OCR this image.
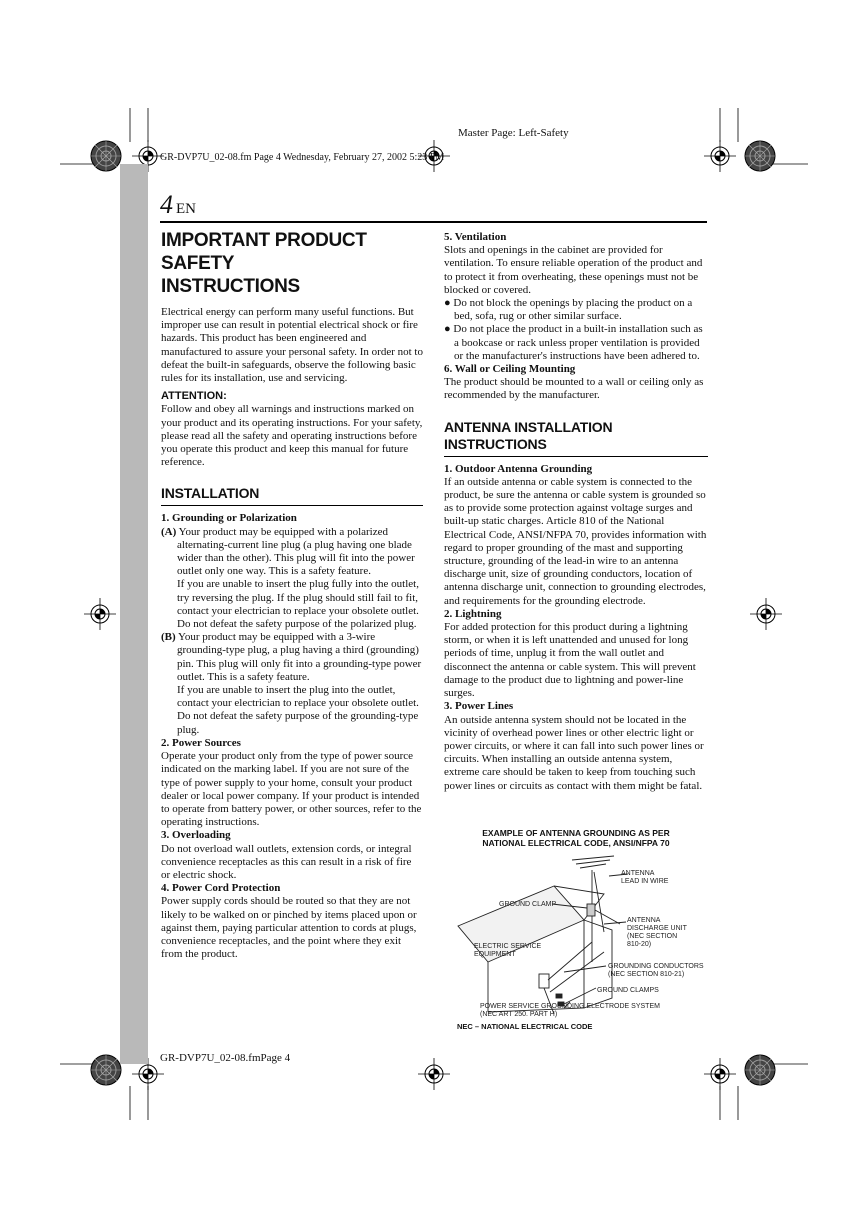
Master Page: Left-Safety
GR-DVP7U_02-08.fm Page 4 Wednesday, February 27, 2002 5:23 PM
4 EN
IMPORTANT PRODUCT SAFETY
INSTRUCTIONS

Electrical energy can perform many useful functions. But improper use can result in potential electrical shock or fire hazards. This product has been engineered and manufactured to assure your personal safety. In order not to defeat the built-in safeguards, observe the following basic rules for its installation, use and servicing.

ATTENTION:

Follow and obey all warnings and instructions marked on your product and its operating instructions. For your safety, please read all the safety and operating instructions before you operate this product and keep this manual for future reference.

INSTALLATION

1. Grounding or Polarization

(A) Your product may be equipped with a polarized alternating-current line plug (a plug having one blade wider than the other). This plug will fit into the power outlet only one way. This is a safety feature.

If you are unable to insert the plug fully into the outlet, try reversing the plug. If the plug should still fail to fit, contact your electrician to replace your obsolete outlet. Do not defeat the safety purpose of the polarized plug.

(B) Your product may be equipped with a 3-wire grounding-type plug, a plug having a third (grounding) pin. This plug will only fit into a grounding-type power outlet. This is a safety feature.

If you are unable to insert the plug into the outlet, contact your electrician to replace your obsolete outlet. Do not defeat the safety purpose of the grounding-type plug.

2. Power Sources

Operate your product only from the type of power source indicated on the marking label. If you are not sure of the type of power supply to your home, consult your product dealer or local power company. If your product is intended to operate from battery power, or other sources, refer to the operating instructions.

3. Overloading

Do not overload wall outlets, extension cords, or integral convenience receptacles as this can result in a risk of fire or electric shock.

4. Power Cord Protection

Power supply cords should be routed so that they are not likely to be walked on or pinched by items placed upon or against them, paying particular attention to cords at plugs, convenience receptacles, and the point where they exit from the product.

5. Ventilation

Slots and openings in the cabinet are provided for ventilation. To ensure reliable operation of the product and to protect it from overheating, these openings must not be blocked or covered.

● Do not block the openings by placing the product on a bed, sofa, rug or other similar surface.

● Do not place the product in a built-in installation such as a bookcase or rack unless proper ventilation is provided or the manufacturer's instructions have been adhered to.

6. Wall or Ceiling Mounting

The product should be mounted to a wall or ceiling only as recommended by the manufacturer.

ANTENNA INSTALLATION INSTRUCTIONS

1. Outdoor Antenna Grounding

If an outside antenna or cable system is connected to the product, be sure the antenna or cable system is grounded so as to provide some protection against voltage surges and built-up static charges. Article 810 of the National Electrical Code, ANSI/NFPA 70, provides information with regard to proper grounding of the mast and supporting structure, grounding of the lead-in wire to an antenna discharge unit, size of grounding conductors, location of antenna discharge unit, connection to grounding electrodes, and requirements for the grounding electrode.

2. Lightning

For added protection for this product during a lightning storm, or when it is left unattended and unused for long periods of time, unplug it from the wall outlet and disconnect the antenna or cable system. This will prevent damage to the product due to lightning and power-line surges.

3. Power Lines

An outside antenna system should not be located in the vicinity of overhead power lines or other electric light or power circuits, or where it can fall into such power lines or circuits. When installing an outside antenna system, extreme care should be taken to keep from touching such power lines or circuits as contact with them might be fatal.

EXAMPLE OF ANTENNA GROUNDING AS PER
NATIONAL ELECTRICAL CODE, ANSI/NFPA 70
ANTENNA LEAD IN WIRE
GROUND CLAMP
ANTENNA DISCHARGE UNIT (NEC SECTION 810-20)
ELECTRIC SERVICE EQUIPMENT
GROUNDING CONDUCTORS (NEC SECTION 810-21)
GROUND CLAMPS
POWER SERVICE GROUNDING ELECTRODE SYSTEM (NEC ART 250. PART H)
NEC – NATIONAL ELECTRICAL CODE
GR-DVP7U_02-08.fmPage 4
